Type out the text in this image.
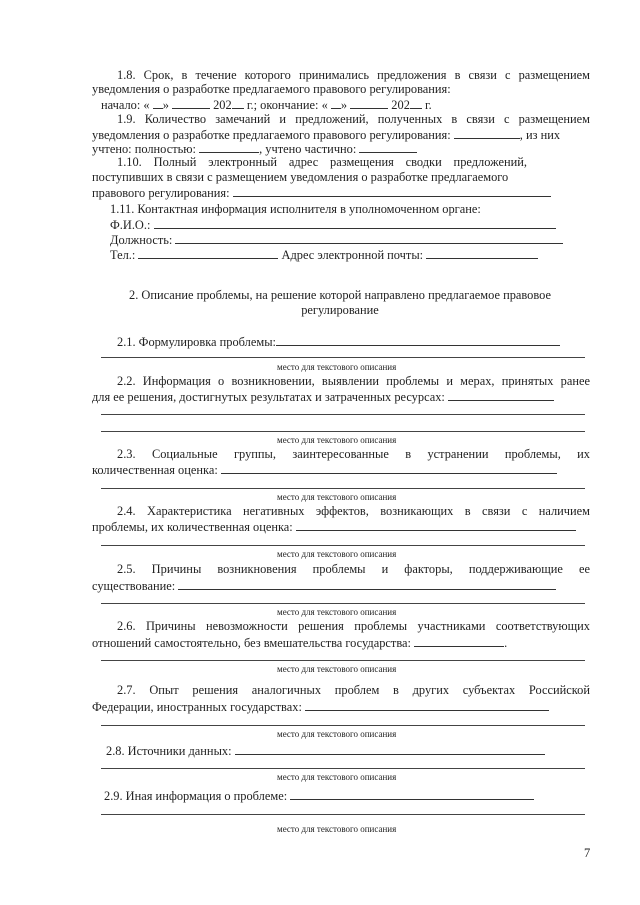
1.8. Срок, в течение которого принимались предложения в связи с размещением
уведомления о разработке предлагаемого правового регулирования:
начало: « »	202 г.; окончание: « »	202 г.
1.9. Количество замечаний и предложений, полученных в связи с размещением
уведомления о разработке предлагаемого правового регулирования:	, из них
учтено: полностью:	, учтено частично:
1.10. Полный электронный адрес размещения сводки предложений,
поступивших в связи с размещением уведомления о разработке предлагаемого
правового регулирования:
1.11. Контактная информация исполнителя в уполномоченном органе:
Ф.И.О.:
Должность:
Тел.:	Адрес электронной почты:
2. Описание проблемы, на решение которой направлено предлагаемое правовое
регулирование
2.1. Формулировка проблемы:
место для текстового описания
2.2. Информация о возникновении, выявлении проблемы и мерах, принятых ранее
для ее решения, достигнутых результатах и затраченных ресурсах:
место для текстового описания
2.3. Социальные группы, заинтересованные в устранении проблемы, их
количественная оценка:
место для текстового описания
2.4. Характеристика негативных эффектов, возникающих в связи с наличием
проблемы, их количественная оценка:
место для текстового описания
2.5. Причины возникновения проблемы и факторы, поддерживающие ее
существование:
место для текстового описания
2.6. Причины невозможности решения проблемы участниками соответствующих
отношений самостоятельно, без вмешательства государства:	.
место для текстового описания
2.7. Опыт решения аналогичных проблем в других субъектах Российской
Федерации, иностранных государствах:
место для текстового описания
2.8. Источники данных:
место для текстового описания
2.9. Иная информация о проблеме:
место для текстового описания
7
